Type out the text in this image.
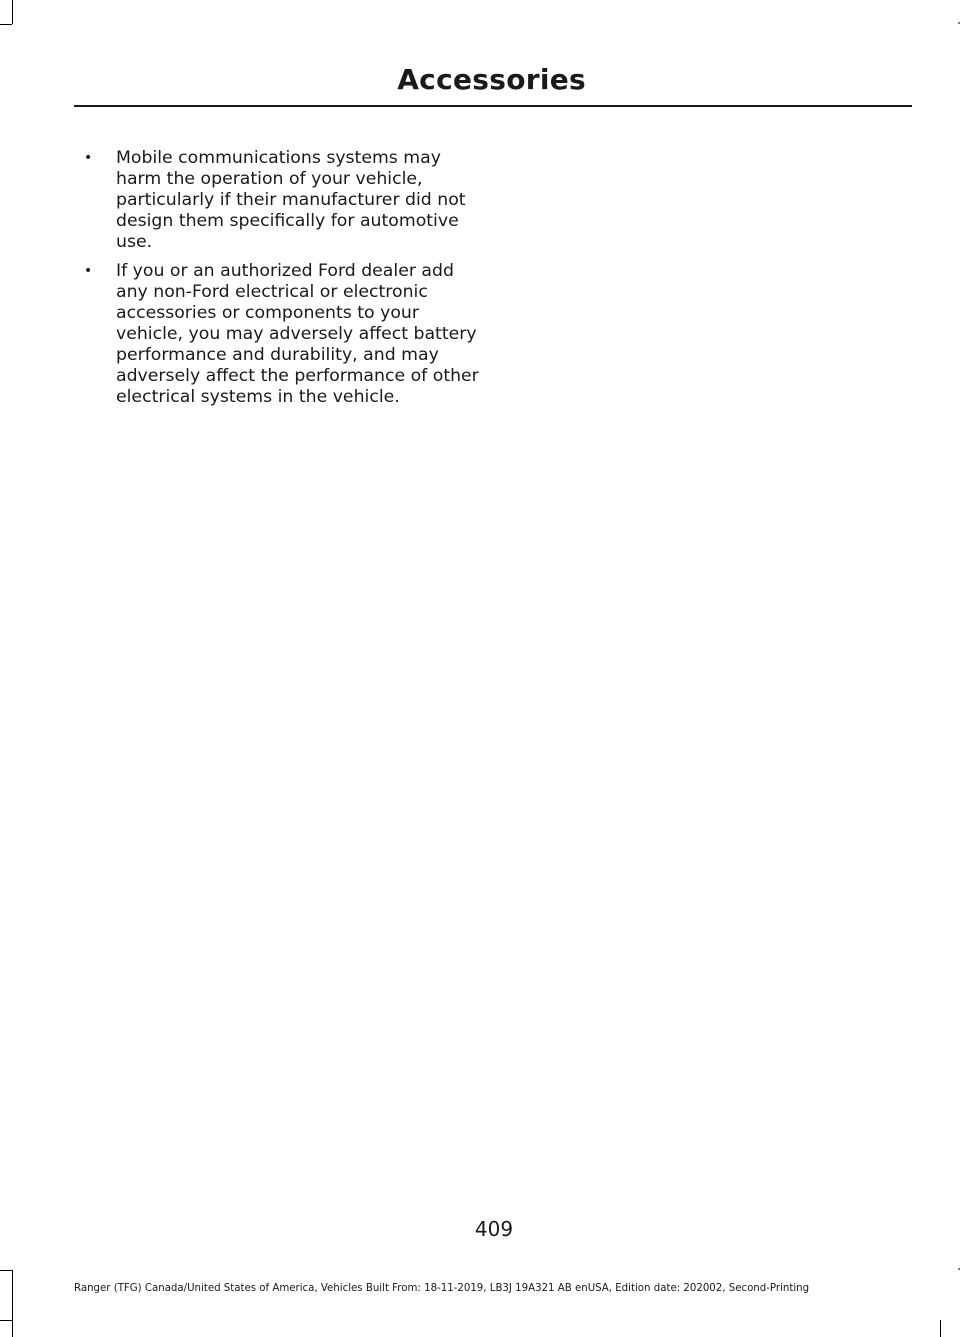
Accessories
• Mobile communications systems may harm the operation of your vehicle, particularly if their manufacturer did not design them specifically for automotive use.
• If you or an authorized Ford dealer add any non-Ford electrical or electronic accessories or components to your vehicle, you may adversely affect battery performance and durability, and may adversely affect the performance of other electrical systems in the vehicle.
409
Ranger (TFG) Canada/United States of America, Vehicles Built From: 18-11-2019, LB3J 19A321 AB enUSA, Edition date: 202002, Second-Printing
